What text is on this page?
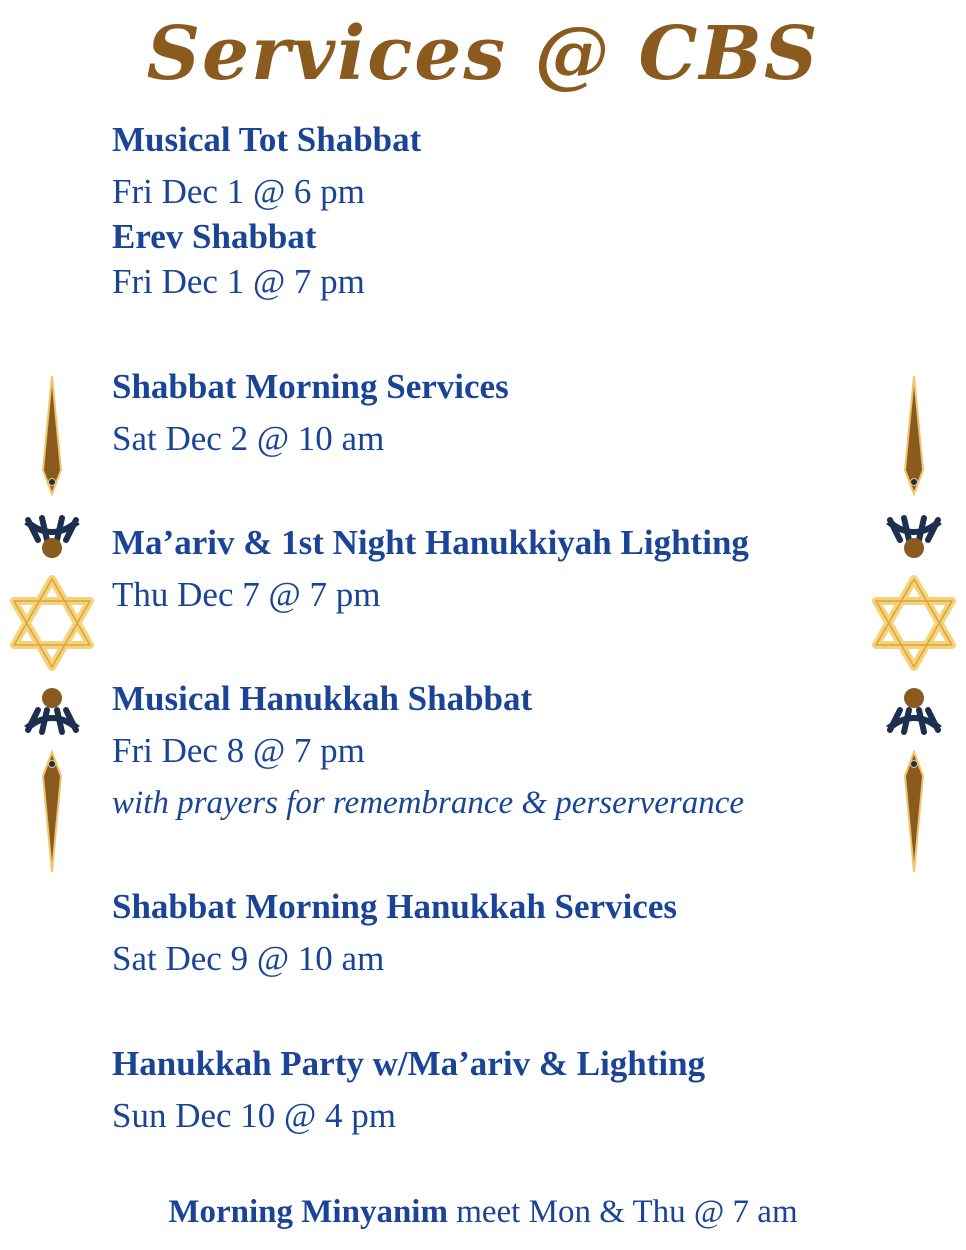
Services @ CBS
Musical Tot Shabbat
Fri Dec 1 @ 6 pm
Erev Shabbat
Fri Dec 1 @ 7 pm
Shabbat Morning Services
Sat Dec 2 @ 10 am
Ma’ariv & 1st Night Hanukkiyah Lighting
Thu Dec 7 @ 7 pm
Musical Hanukkah Shabbat
Fri Dec 8 @ 7 pm
with prayers for remembrance & perserverance
Shabbat Morning Hanukkah Services
Sat Dec 9 @ 10 am
Hanukkah Party w/Ma’ariv & Lighting
Sun Dec 10 @ 4 pm
Morning Minyanim meet Mon & Thu @ 7 am
